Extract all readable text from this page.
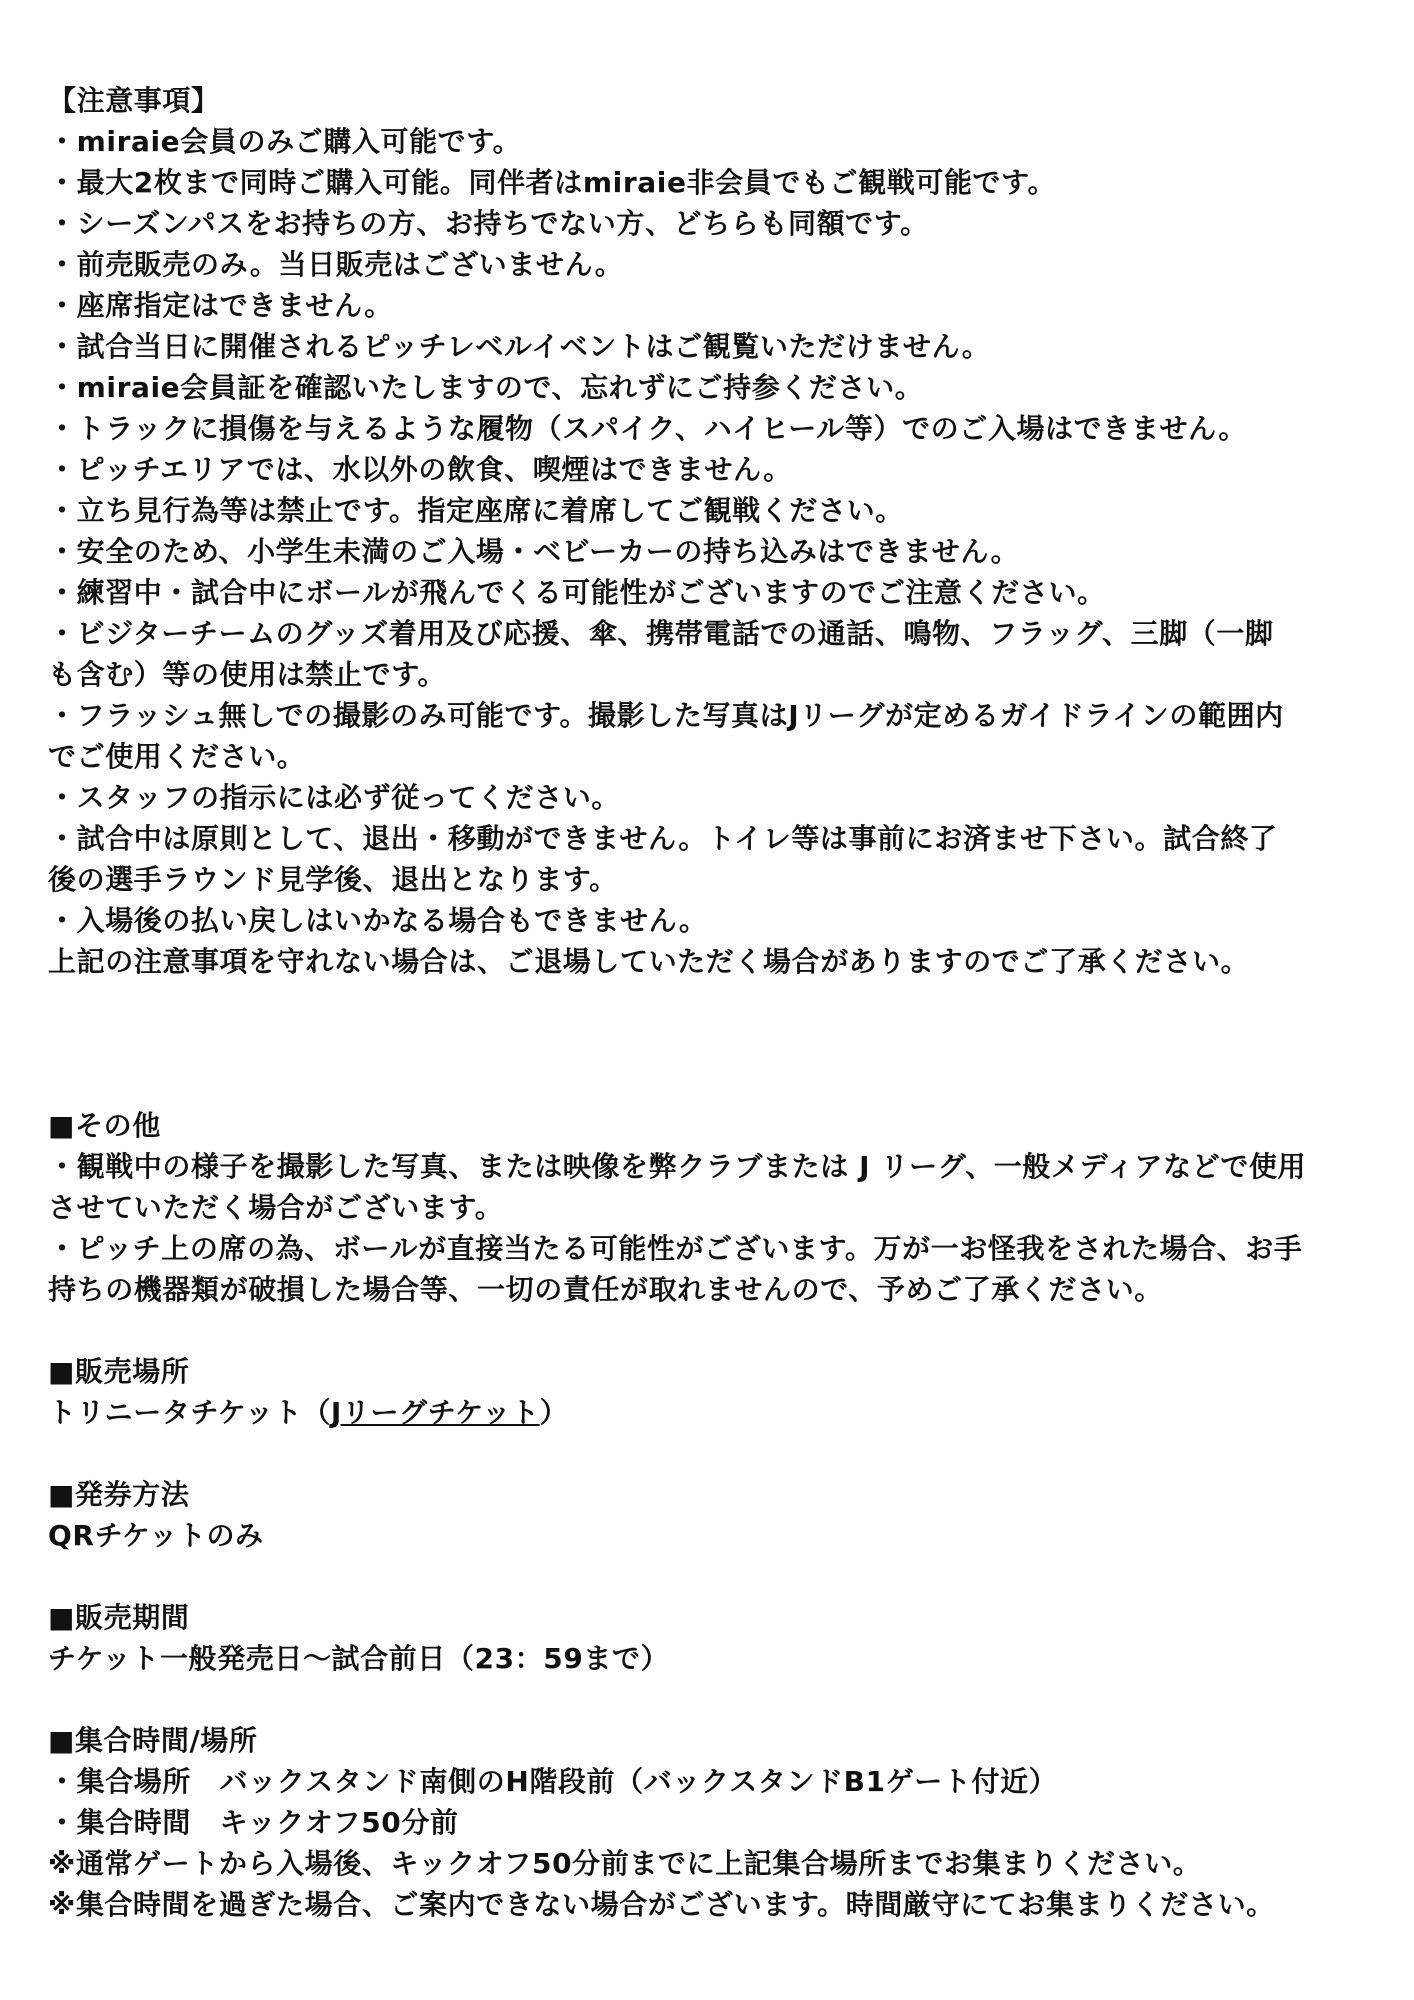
【注意事項】
・miraie会員のみご購入可能です。
・最大2枚まで同時ご購入可能。同伴者はmiraie非会員でもご観戦可能です。
・シーズンパスをお持ちの方、お持ちでない方、どちらも同額です。
・前売販売のみ。当日販売はございません。
・座席指定はできません。
・試合当日に開催されるピッチレベルイベントはご観覧いただけません。
・miraie会員証を確認いたしますので、忘れずにご持参ください。
・トラックに損傷を与えるような履物（スパイク、ハイヒール等）でのご入場はできません。
・ピッチエリアでは、水以外の飲食、喫煙はできません。
・立ち見行為等は禁止です。指定座席に着席してご観戦ください。
・安全のため、小学生未満のご入場・ベビーカーの持ち込みはできません。
・練習中・試合中にボールが飛んでくる可能性がございますのでご注意ください。
・ビジターチームのグッズ着用及び応援、傘、携帯電話での通話、鳴物、フラッグ、三脚（一脚
も含む）等の使用は禁止です。
・フラッシュ無しでの撮影のみ可能です。撮影した写真はJリーグが定めるガイドラインの範囲内
でご使用ください。
・スタッフの指示には必ず従ってください。
・試合中は原則として、退出・移動ができません。トイレ等は事前にお済ませ下さい。試合終了
後の選手ラウンド見学後、退出となります。
・入場後の払い戻しはいかなる場合もできません。
上記の注意事項を守れない場合は、ご退場していただく場合がありますのでご了承ください。
■その他
・観戦中の様子を撮影した写真、または映像を弊クラブまたは J リーグ、一般メディアなどで使用
させていただく場合がございます。
・ピッチ上の席の為、ボールが直接当たる可能性がございます。万が一お怪我をされた場合、お手
持ちの機器類が破損した場合等、一切の責任が取れませんので、予めご了承ください。
■販売場所
トリニータチケット（Jリーグチケット）
■発券方法
QRチケットのみ
■販売期間
チケット一般発売日～試合前日（23：59まで）
■集合時間/場所
・集合場所　バックスタンド南側のH階段前（バックスタンドB1ゲート付近）
・集合時間　キックオフ50分前
※通常ゲートから入場後、キックオフ50分前までに上記集合場所までお集まりください。
※集合時間を過ぎた場合、ご案内できない場合がございます。時間厳守にてお集まりください。
